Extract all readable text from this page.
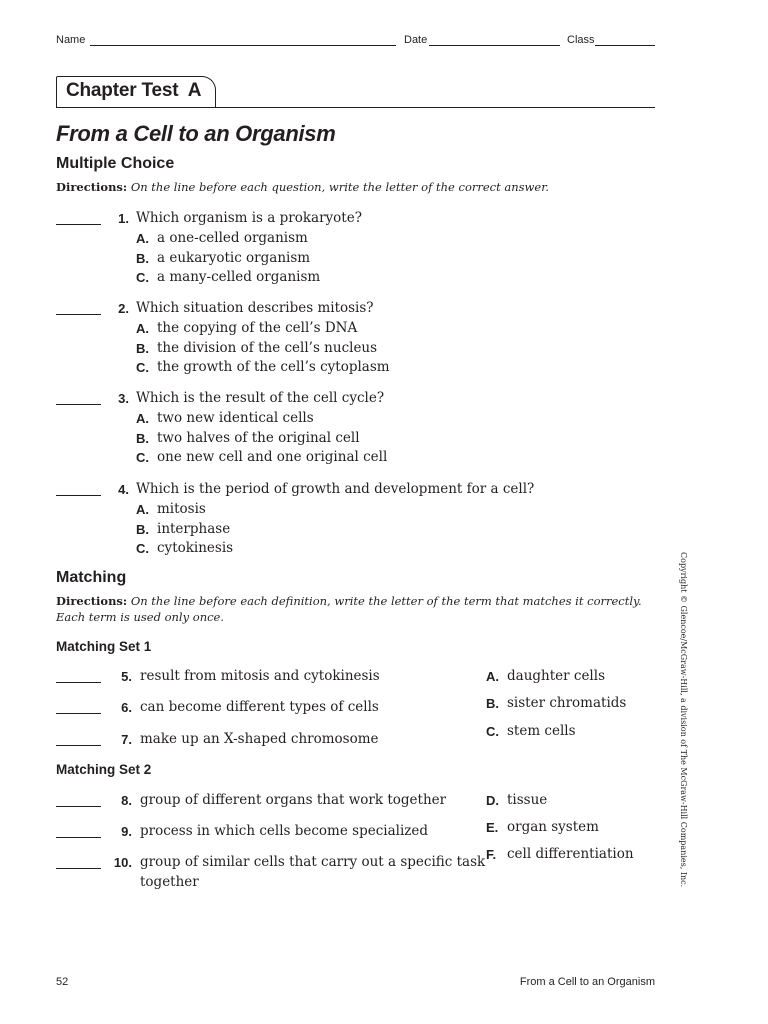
Name	Date	Class
Chapter Test  A
From a Cell to an Organism
Multiple Choice
Directions: On the line before each question, write the letter of the correct answer.
1. Which organism is a prokaryote?
A. a one-celled organism
B. a eukaryotic organism
C. a many-celled organism
2. Which situation describes mitosis?
A. the copying of the cell’s DNA
B. the division of the cell’s nucleus
C. the growth of the cell’s cytoplasm
3. Which is the result of the cell cycle?
A. two new identical cells
B. two halves of the original cell
C. one new cell and one original cell
4. Which is the period of growth and development for a cell?
A. mitosis
B. interphase
C. cytokinesis
Matching
Directions: On the line before each definition, write the letter of the term that matches it correctly. Each term is used only once.
Matching Set 1
Matching Set 2
5. result from mitosis and cytokinesis
6. can become different types of cells
7. make up an X-shaped chromosome
A. daughter cells
B. sister chromatids
C. stem cells
8. group of different organs that work together
9. process in which cells become specialized
10. group of similar cells that carry out a specific task
together
D. tissue
E. organ system
F. cell differentiation	Copyright © Glencoe/McGraw-Hill, a division of The McGraw-Hill Companies, Inc.
52	From a Cell to an Organism
